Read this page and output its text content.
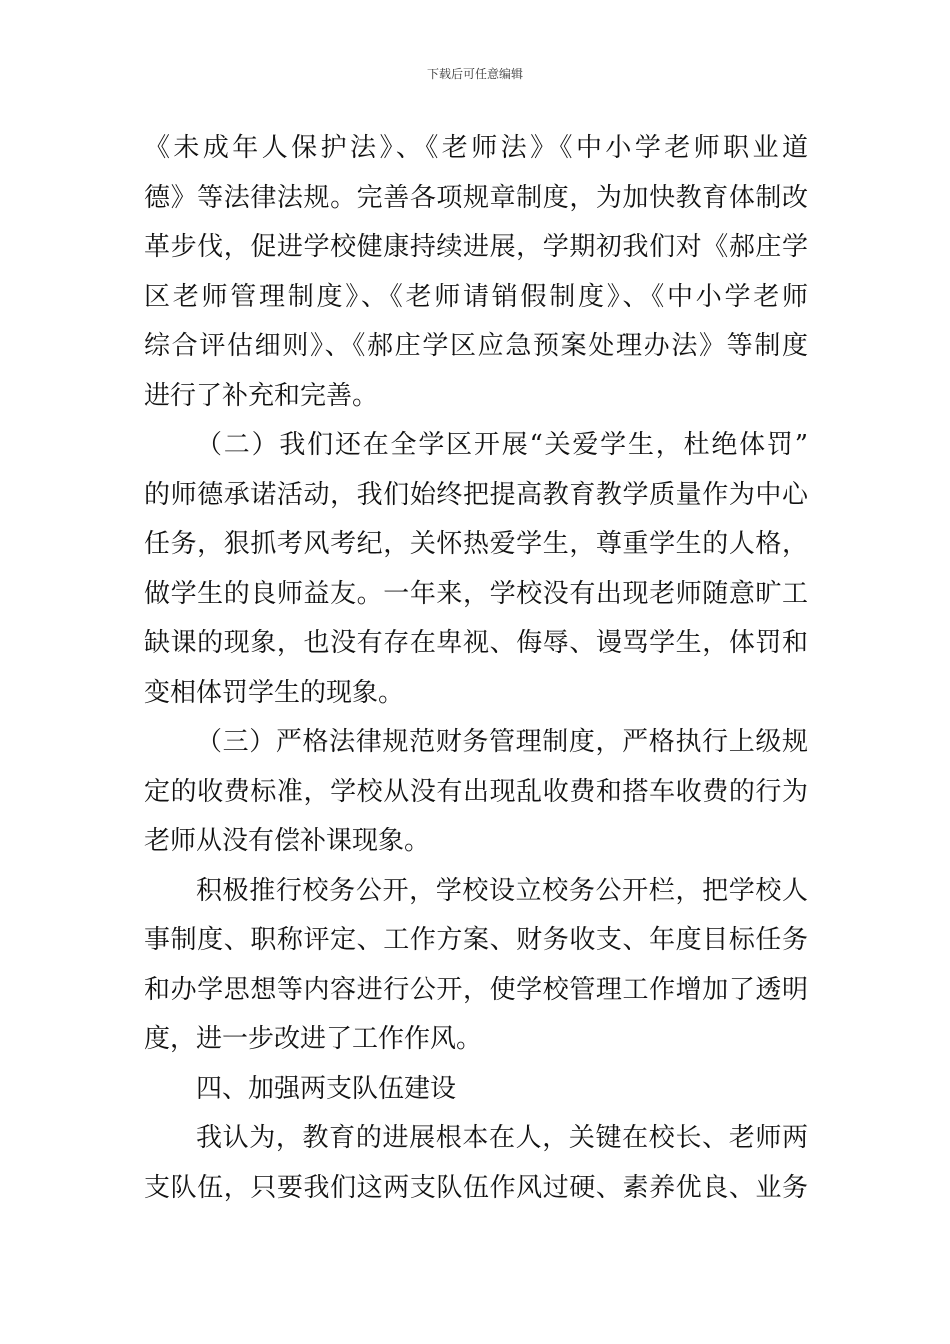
下载后可任意编辑
《未成年人保护法》、《老师法》《中小学老师职业道
德》等法律法规。完善各项规章制度，为加快教育体制改
革步伐，促进学校健康持续进展，学期初我们对《郝庄学
区老师管理制度》、《老师请销假制度》、《中小学老师
综合评估细则》、《郝庄学区应急预案处理办法》等制度
进行了补充和完善。
（二）我们还在全学区开展“关爱学生，杜绝体罚”
的师德承诺活动，我们始终把提高教育教学质量作为中心
任务，狠抓考风考纪，关怀热爱学生，尊重学生的人格，
做学生的良师益友。一年来，学校没有出现老师随意旷工
缺课的现象，也没有存在卑视、侮辱、谩骂学生，体罚和
变相体罚学生的现象。
（三）严格法律规范财务管理制度，严格执行上级规
定的收费标准，学校从没有出现乱收费和搭车收费的行为
老师从没有偿补课现象。
积极推行校务公开，学校设立校务公开栏，把学校人
事制度、职称评定、工作方案、财务收支、年度目标任务
和办学思想等内容进行公开，使学校管理工作增加了透明
度，进一步改进了工作作风。
四、加强两支队伍建设
我认为，教育的进展根本在人，关键在校长、老师两
支队伍，只要我们这两支队伍作风过硬、素养优良、业务
